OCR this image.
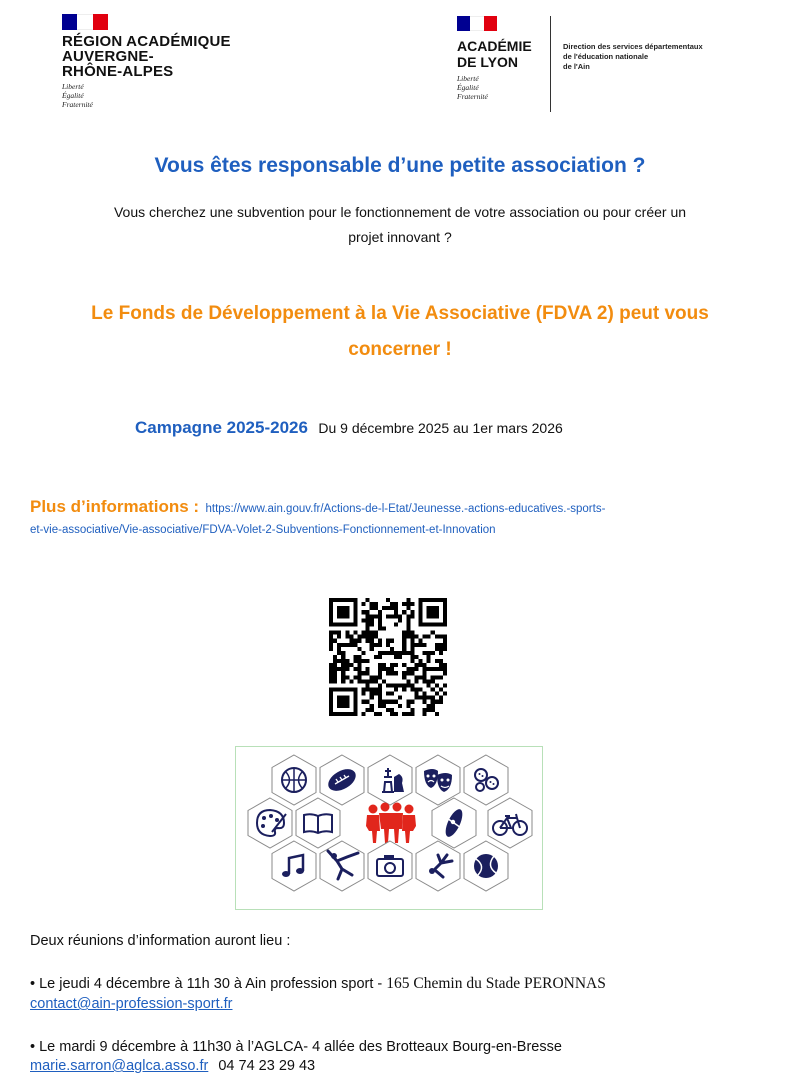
RÉGION ACADÉMIQUE
AUVERGNE-
RHÔNE-ALPES
Liberté
Égalité
Fraternité
ACADÉMIE
DE LYON
Liberté
Égalité
Fraternité
Direction des services départementaux
de l'éducation nationale
de l'Ain
Vous êtes responsable d’une petite association ?
Vous cherchez une subvention pour le fonctionnement de votre association ou pour créer un
projet innovant ?
Le Fonds de Développement à la Vie Associative (FDVA 2) peut vous
concerner !
Campagne 2025-2026 Du 9 décembre 2025 au 1er mars 2026
Plus d’informations : https://www.ain.gouv.fr/Actions-de-l-Etat/Jeunesse.-actions-educatives.-sports-
et-vie-associative/Vie-associative/FDVA-Volet-2-Subventions-Fonctionnement-et-Innovation
Deux réunions d’information auront lieu :
• Le jeudi 4 décembre à 11h 30 à Ain profession sport - 165 Chemin du Stade PERONNAS
contact@ain-profession-sport.fr
• Le mardi 9 décembre à 11h30 à l’AGLCA- 4 allée des Brotteaux Bourg-en-Bresse
marie.sarron@aglca.asso.fr 04 74 23 29 43
